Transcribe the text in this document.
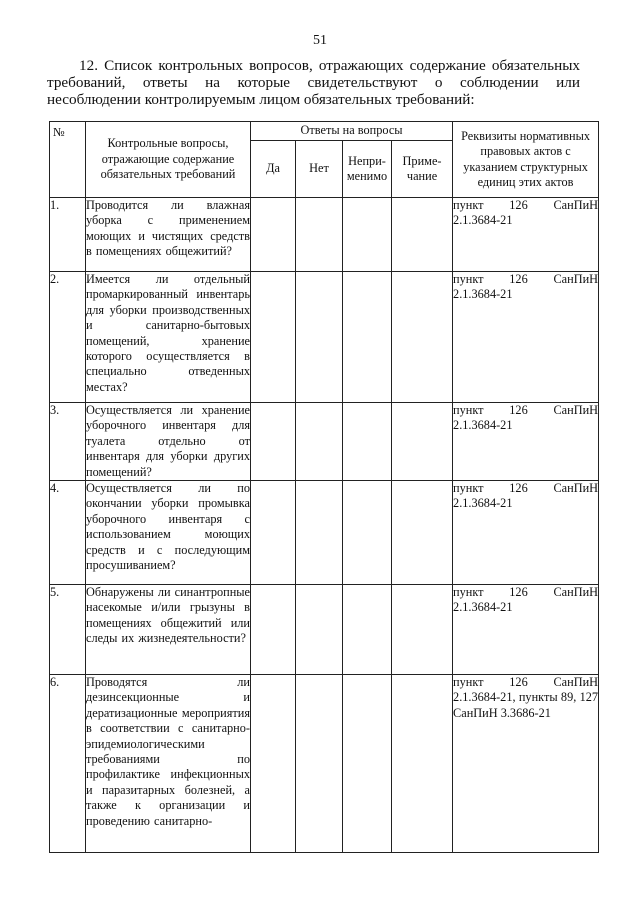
51
12. Список контрольных вопросов, отражающих содержание обязательных требований, ответы на которые свидетельствуют о соблюдении или несоблюдении контролируемым лицом обязательных требований:
№	Контрольные вопросы, отражающие содержание обязательных требований	Ответы на вопросы				Реквизиты нормативных правовых актов с указанием структурных единиц этих актов
		Да	Нет	Непри-менимо	Приме-чание	
1.	Проводится ли влажная уборка с применением моющих и чистящих средств в помещениях общежитий?					пункт 126 СанПиН 2.1.3684-21

2.	Имеется ли отдельный промаркированный инвентарь для уборки производственных и санитарно-бытовых помещений, хранение которого осуществляется в специально отведенных местах?					пункт 126 СанПиН 2.1.3684-21

3.	Осуществляется ли хранение уборочного инвентаря для туалета отдельно от инвентаря для уборки других помещений?					пункт 126 СанПиН 2.1.3684-21

4.	Осуществляется ли по окончании уборки промывка уборочного инвентаря с использованием моющих средств и с последующим просушиванием?					пункт 126 СанПиН 2.1.3684-21

5.	Обнаружены ли синантропные насекомые и/или грызуны в помещениях общежитий или следы их жизнедеятельности?					пункт 126 СанПиН 2.1.3684-21

6.	Проводятся ли дезинсекционные и дератизационные мероприятия в соответствии с санитарно-эпидемиологическими требованиями по профилактике инфекционных и паразитарных болезней, а также к организации и проведению санитарно-					пункт 126 СанПиН 2.1.3684-21, пункты 89, 127 СанПиН 3.3686-21
